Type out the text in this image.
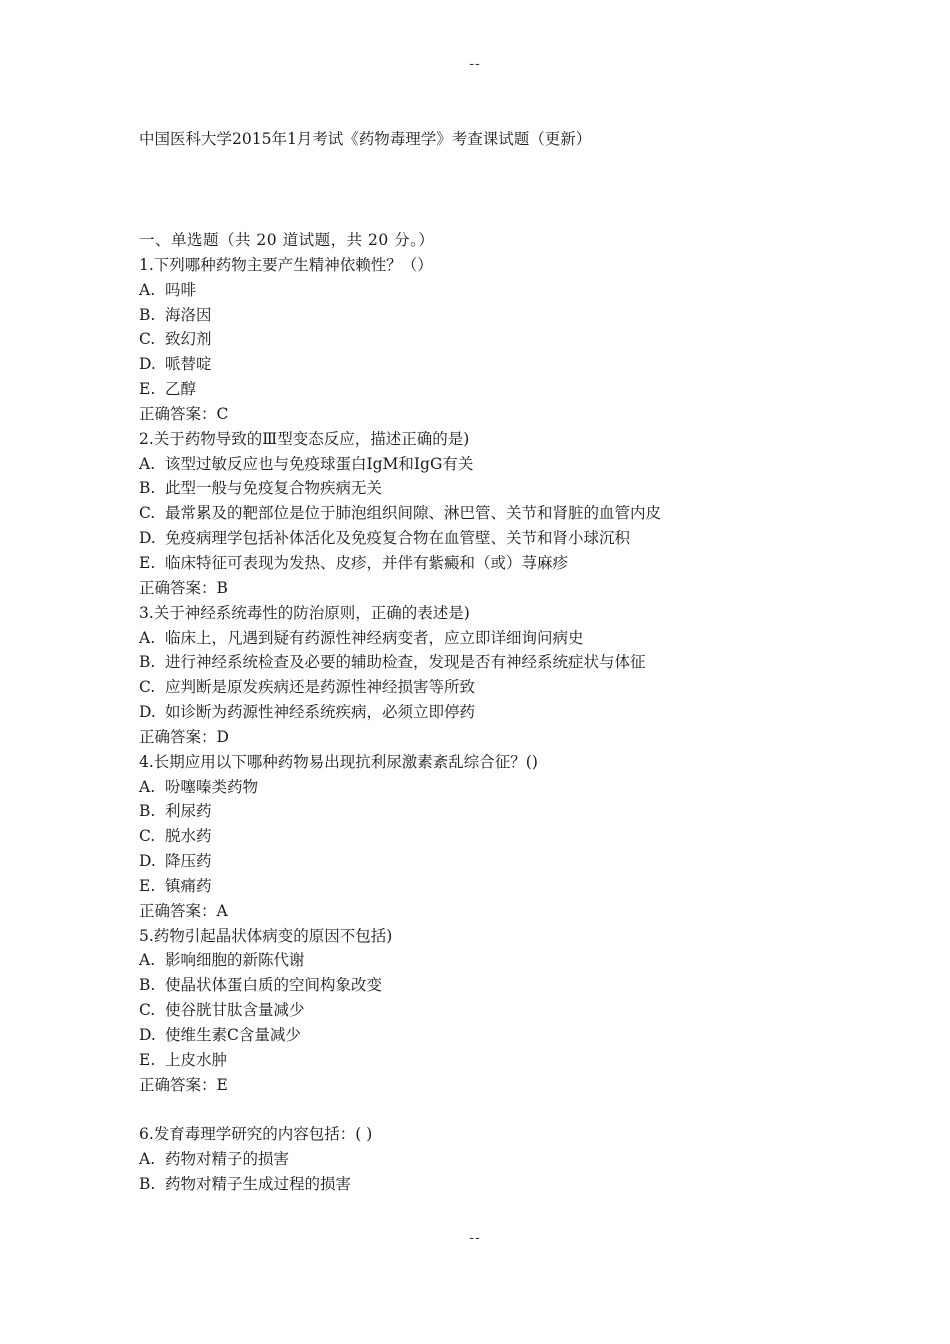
--
中国医科大学2015年1月考试《药物毒理学》考查课试题（更新）
一、单选题（共 20 道试题，共 20 分。）
1.下列哪种药物主要产生精神依赖性？（）
A. 吗啡
B. 海洛因
C. 致幻剂
D. 哌替啶
E. 乙醇
正确答案：C
2.关于药物导致的Ⅲ型变态反应，描述正确的是)
A. 该型过敏反应也与免疫球蛋白IgM和IgG有关
B. 此型一般与免疫复合物疾病无关
C. 最常累及的靶部位是位于肺泡组织间隙、淋巴管、关节和肾脏的血管内皮
D. 免疫病理学包括补体活化及免疫复合物在血管壁、关节和肾小球沉积
E. 临床特征可表现为发热、皮疹，并伴有紫癜和（或）荨麻疹
正确答案：B
3.关于神经系统毒性的防治原则，正确的表述是)
A. 临床上，凡遇到疑有药源性神经病变者，应立即详细询问病史
B. 进行神经系统检查及必要的辅助检查，发现是否有神经系统症状与体征
C. 应判断是原发疾病还是药源性神经损害等所致
D. 如诊断为药源性神经系统疾病，必须立即停药
正确答案：D
4.长期应用以下哪种药物易出现抗利尿激素紊乱综合征？()
A. 吩噻嗪类药物
B. 利尿药
C. 脱水药
D. 降压药
E. 镇痛药
正确答案：A
5.药物引起晶状体病变的原因不包括)
A. 影响细胞的新陈代谢
B. 使晶状体蛋白质的空间构象改变
C. 使谷胱甘肽含量减少
D. 使维生素C含量减少
E. 上皮水肿
正确答案：E
6.发育毒理学研究的内容包括：( )
A. 药物对精子的损害
B. 药物对精子生成过程的损害
--
